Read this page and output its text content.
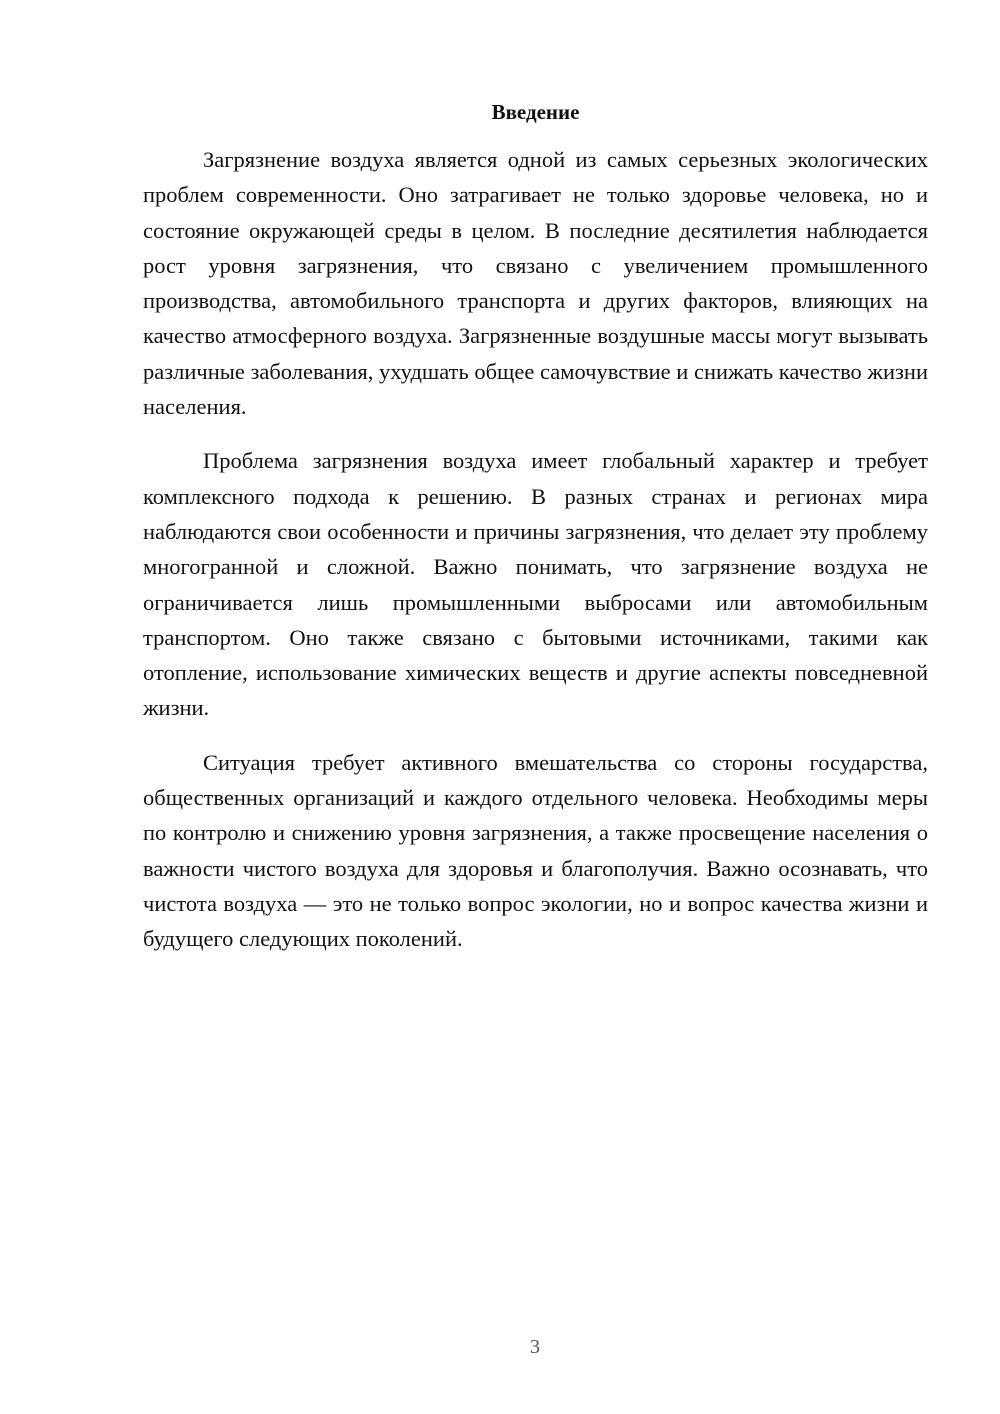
Введение

Загрязнение воздуха является одной из самых серьезных экологических проблем современности. Оно затрагивает не только здоровье человека, но и состояние окружающей среды в целом. В последние десятилетия наблюдается рост уровня загрязнения, что связано с увеличением промышленного производства, автомобильного транспорта и других факторов, влияющих на качество атмосферного воздуха. Загрязненные воздушные массы могут вызывать различные заболевания, ухудшать общее самочувствие и снижать качество жизни населения.

Проблема загрязнения воздуха имеет глобальный характер и требует комплексного подхода к решению. В разных странах и регионах мира наблюдаются свои особенности и причины загрязнения, что делает эту проблему многогранной и сложной. Важно понимать, что загрязнение воздуха не ограничивается лишь промышленными выбросами или автомобильным транспортом. Оно также связано с бытовыми источниками, такими как отопление, использование химических веществ и другие аспекты повседневной жизни.

Ситуация требует активного вмешательства со стороны государства, общественных организаций и каждого отдельного человека. Необходимы меры по контролю и снижению уровня загрязнения, а также просвещение населения о важности чистого воздуха для здоровья и благополучия. Важно осознавать, что чистота воздуха — это не только вопрос экологии, но и вопрос качества жизни и будущего следующих поколений.

3
